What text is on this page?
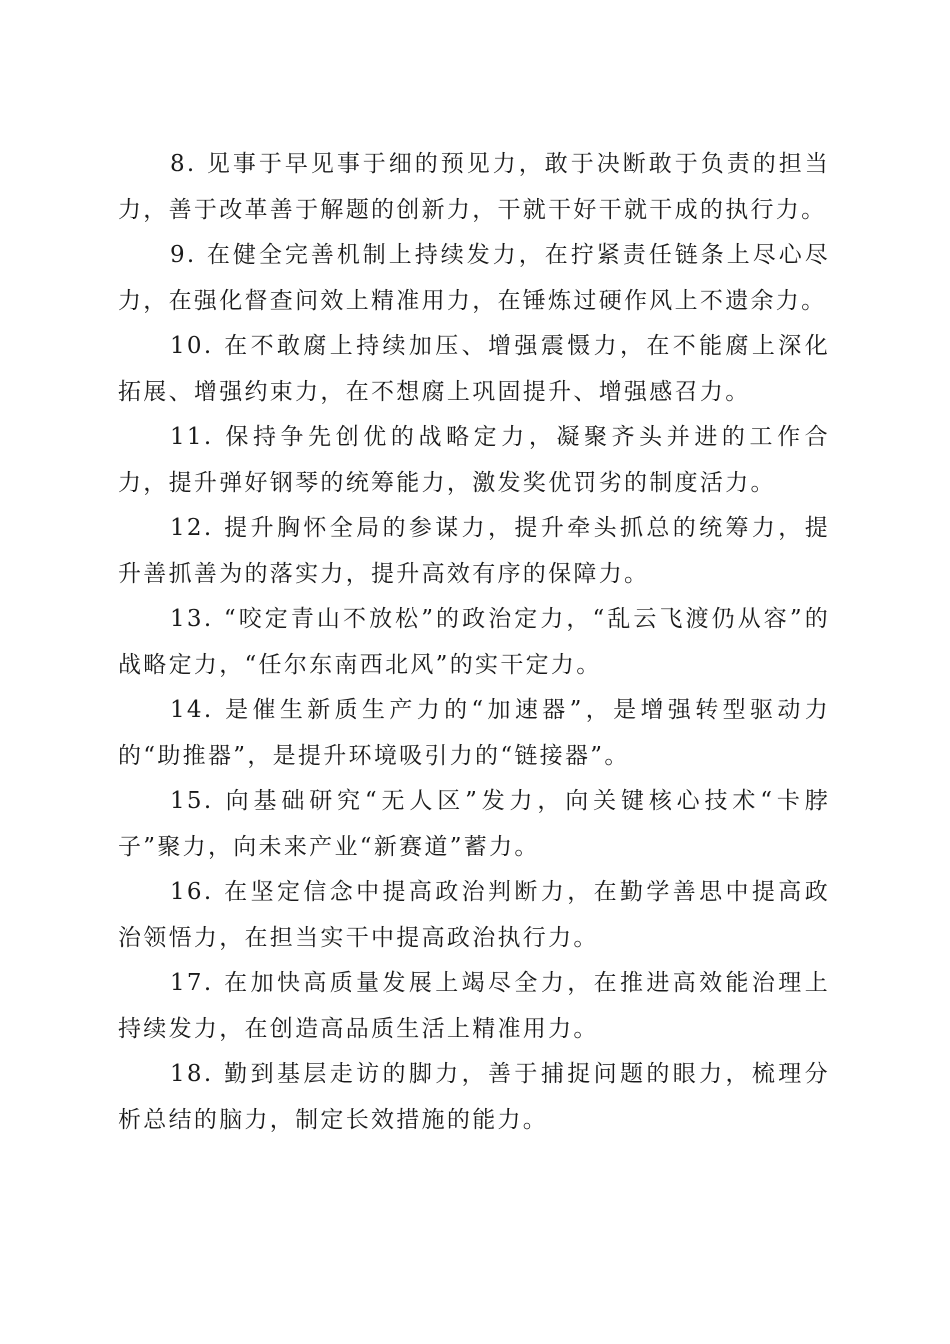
8. 见事于早见事于细的预见力，敢于决断敢于负责的担当力，善于改革善于解题的创新力，干就干好干就干成的执行力。

9. 在健全完善机制上持续发力，在拧紧责任链条上尽心尽力，在强化督查问效上精准用力，在锤炼过硬作风上不遗余力。

10. 在不敢腐上持续加压、增强震慑力，在不能腐上深化拓展、增强约束力，在不想腐上巩固提升、增强感召力。

11. 保持争先创优的战略定力，凝聚齐头并进的工作合力，提升弹好钢琴的统筹能力，激发奖优罚劣的制度活力。

12. 提升胸怀全局的参谋力，提升牵头抓总的统筹力，提升善抓善为的落实力，提升高效有序的保障力。

13. “咬定青山不放松”的政治定力，“乱云飞渡仍从容”的战略定力，“任尔东南西北风”的实干定力。

14. 是催生新质生产力的“加速器”，是增强转型驱动力的“助推器”，是提升环境吸引力的“链接器”。

15. 向基础研究“无人区”发力，向关键核心技术“卡脖子”聚力，向未来产业“新赛道”蓄力。

16. 在坚定信念中提高政治判断力，在勤学善思中提高政治领悟力，在担当实干中提高政治执行力。

17. 在加快高质量发展上竭尽全力，在推进高效能治理上持续发力，在创造高品质生活上精准用力。

18. 勤到基层走访的脚力，善于捕捉问题的眼力，梳理分析总结的脑力，制定长效措施的能力。
